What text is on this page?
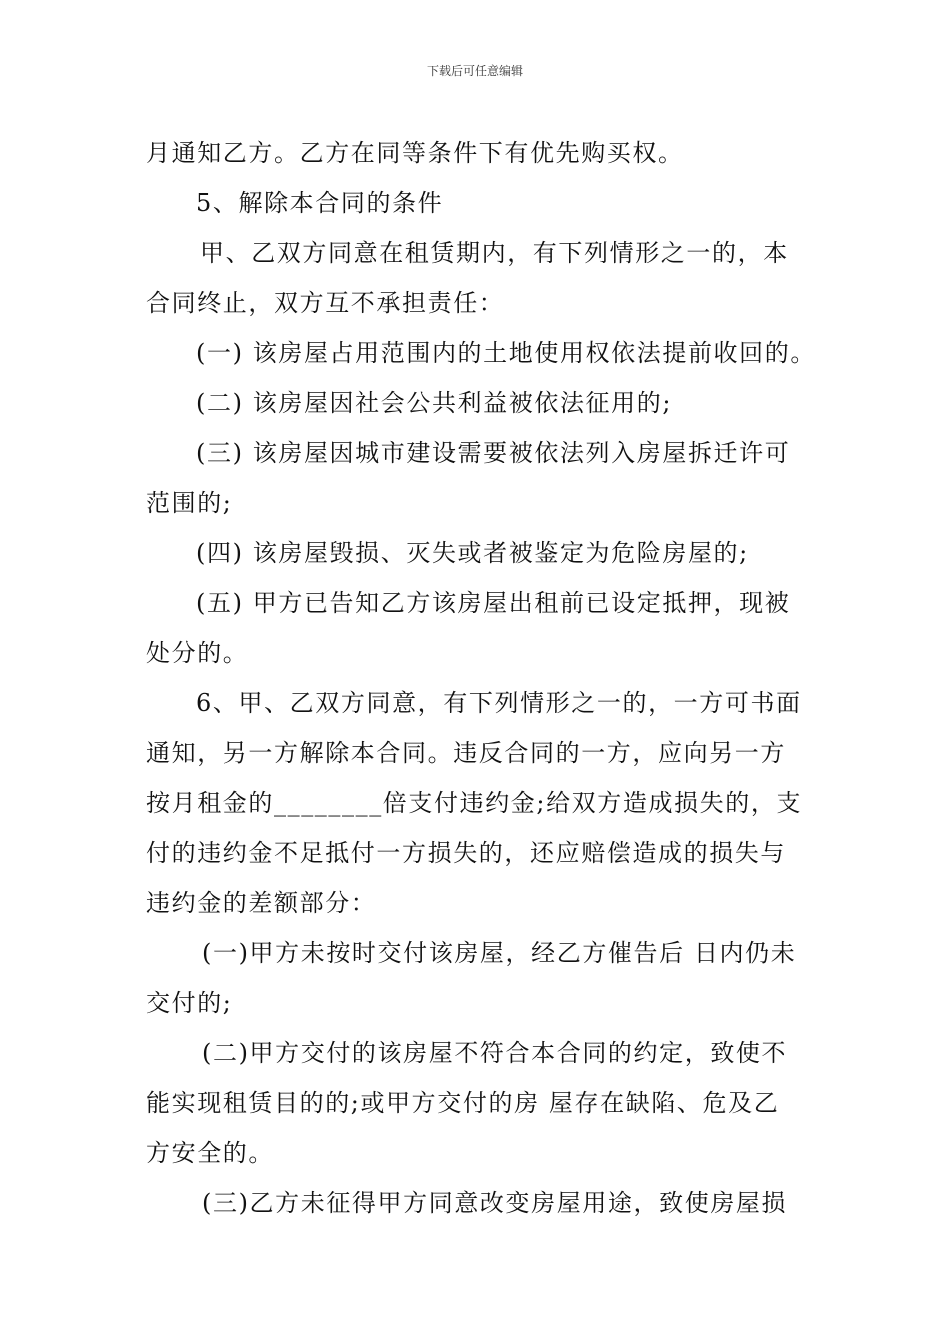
下载后可任意编辑
月通知乙方。乙方在同等条件下有优先购买权。
5、解除本合同的条件
甲、乙双方同意在租赁期内，有下列情形之一的，本
合同终止，双方互不承担责任：
(一) 该房屋占用范围内的土地使用权依法提前收回的。
(二) 该房屋因社会公共利益被依法征用的;
(三) 该房屋因城市建设需要被依法列入房屋拆迁许可
范围的;
(四) 该房屋毁损、灭失或者被鉴定为危险房屋的;
(五) 甲方已告知乙方该房屋出租前已设定抵押，现被
处分的。
6、甲、乙双方同意，有下列情形之一的，一方可书面
通知，另一方解除本合同。违反合同的一方，应向另一方
按月租金的________倍支付违约金;给双方造成损失的，支
付的违约金不足抵付一方损失的，还应赔偿造成的损失与
违约金的差额部分：
(一)甲方未按时交付该房屋，经乙方催告后 日内仍未
交付的;
(二)甲方交付的该房屋不符合本合同的约定，致使不
能实现租赁目的的;或甲方交付的房 屋存在缺陷、危及乙
方安全的。
(三)乙方未征得甲方同意改变房屋用途，致使房屋损
